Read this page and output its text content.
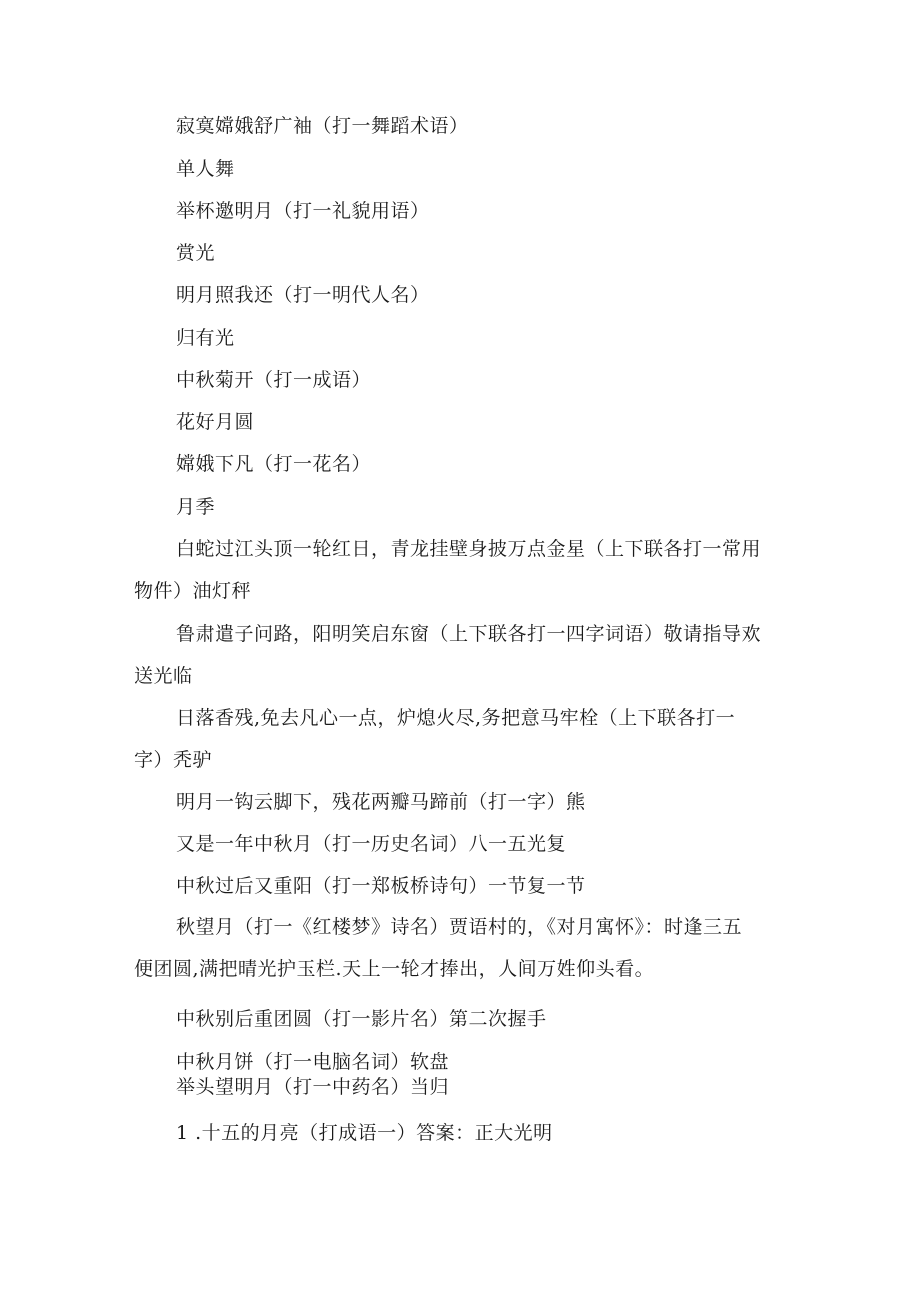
寂寞嫦娥舒广袖（打一舞蹈术语）
单人舞
举杯邀明月（打一礼貌用语）
赏光
明月照我还（打一明代人名）
归有光
中秋菊开（打一成语）
花好月圆
嫦娥下凡（打一花名）
月季
白蛇过江头顶一轮红日，青龙挂壁身披万点金星（上下联各打一常用
物件）油灯秤
鲁肃遣子问路，阳明笑启东窗（上下联各打一四字词语）敬请指导欢
送光临
日落香残,免去凡心一点，炉熄火尽,务把意马牢栓（上下联各打一
字）秃驴
明月一钩云脚下，残花两瓣马蹄前（打一字）熊
又是一年中秋月（打一历史名词）八一五光复
中秋过后又重阳（打一郑板桥诗句）一节复一节
秋望月（打一《红楼梦》诗名）贾语村的，《对月寓怀》：时逢三五
便团圆,满把晴光护玉栏.天上一轮才捧出，人间万姓仰头看。
中秋别后重团圆（打一影片名）第二次握手
中秋月饼（打一电脑名词）软盘
举头望明月（打一中药名）当归
1 .十五的月亮（打成语一）答案：正大光明
